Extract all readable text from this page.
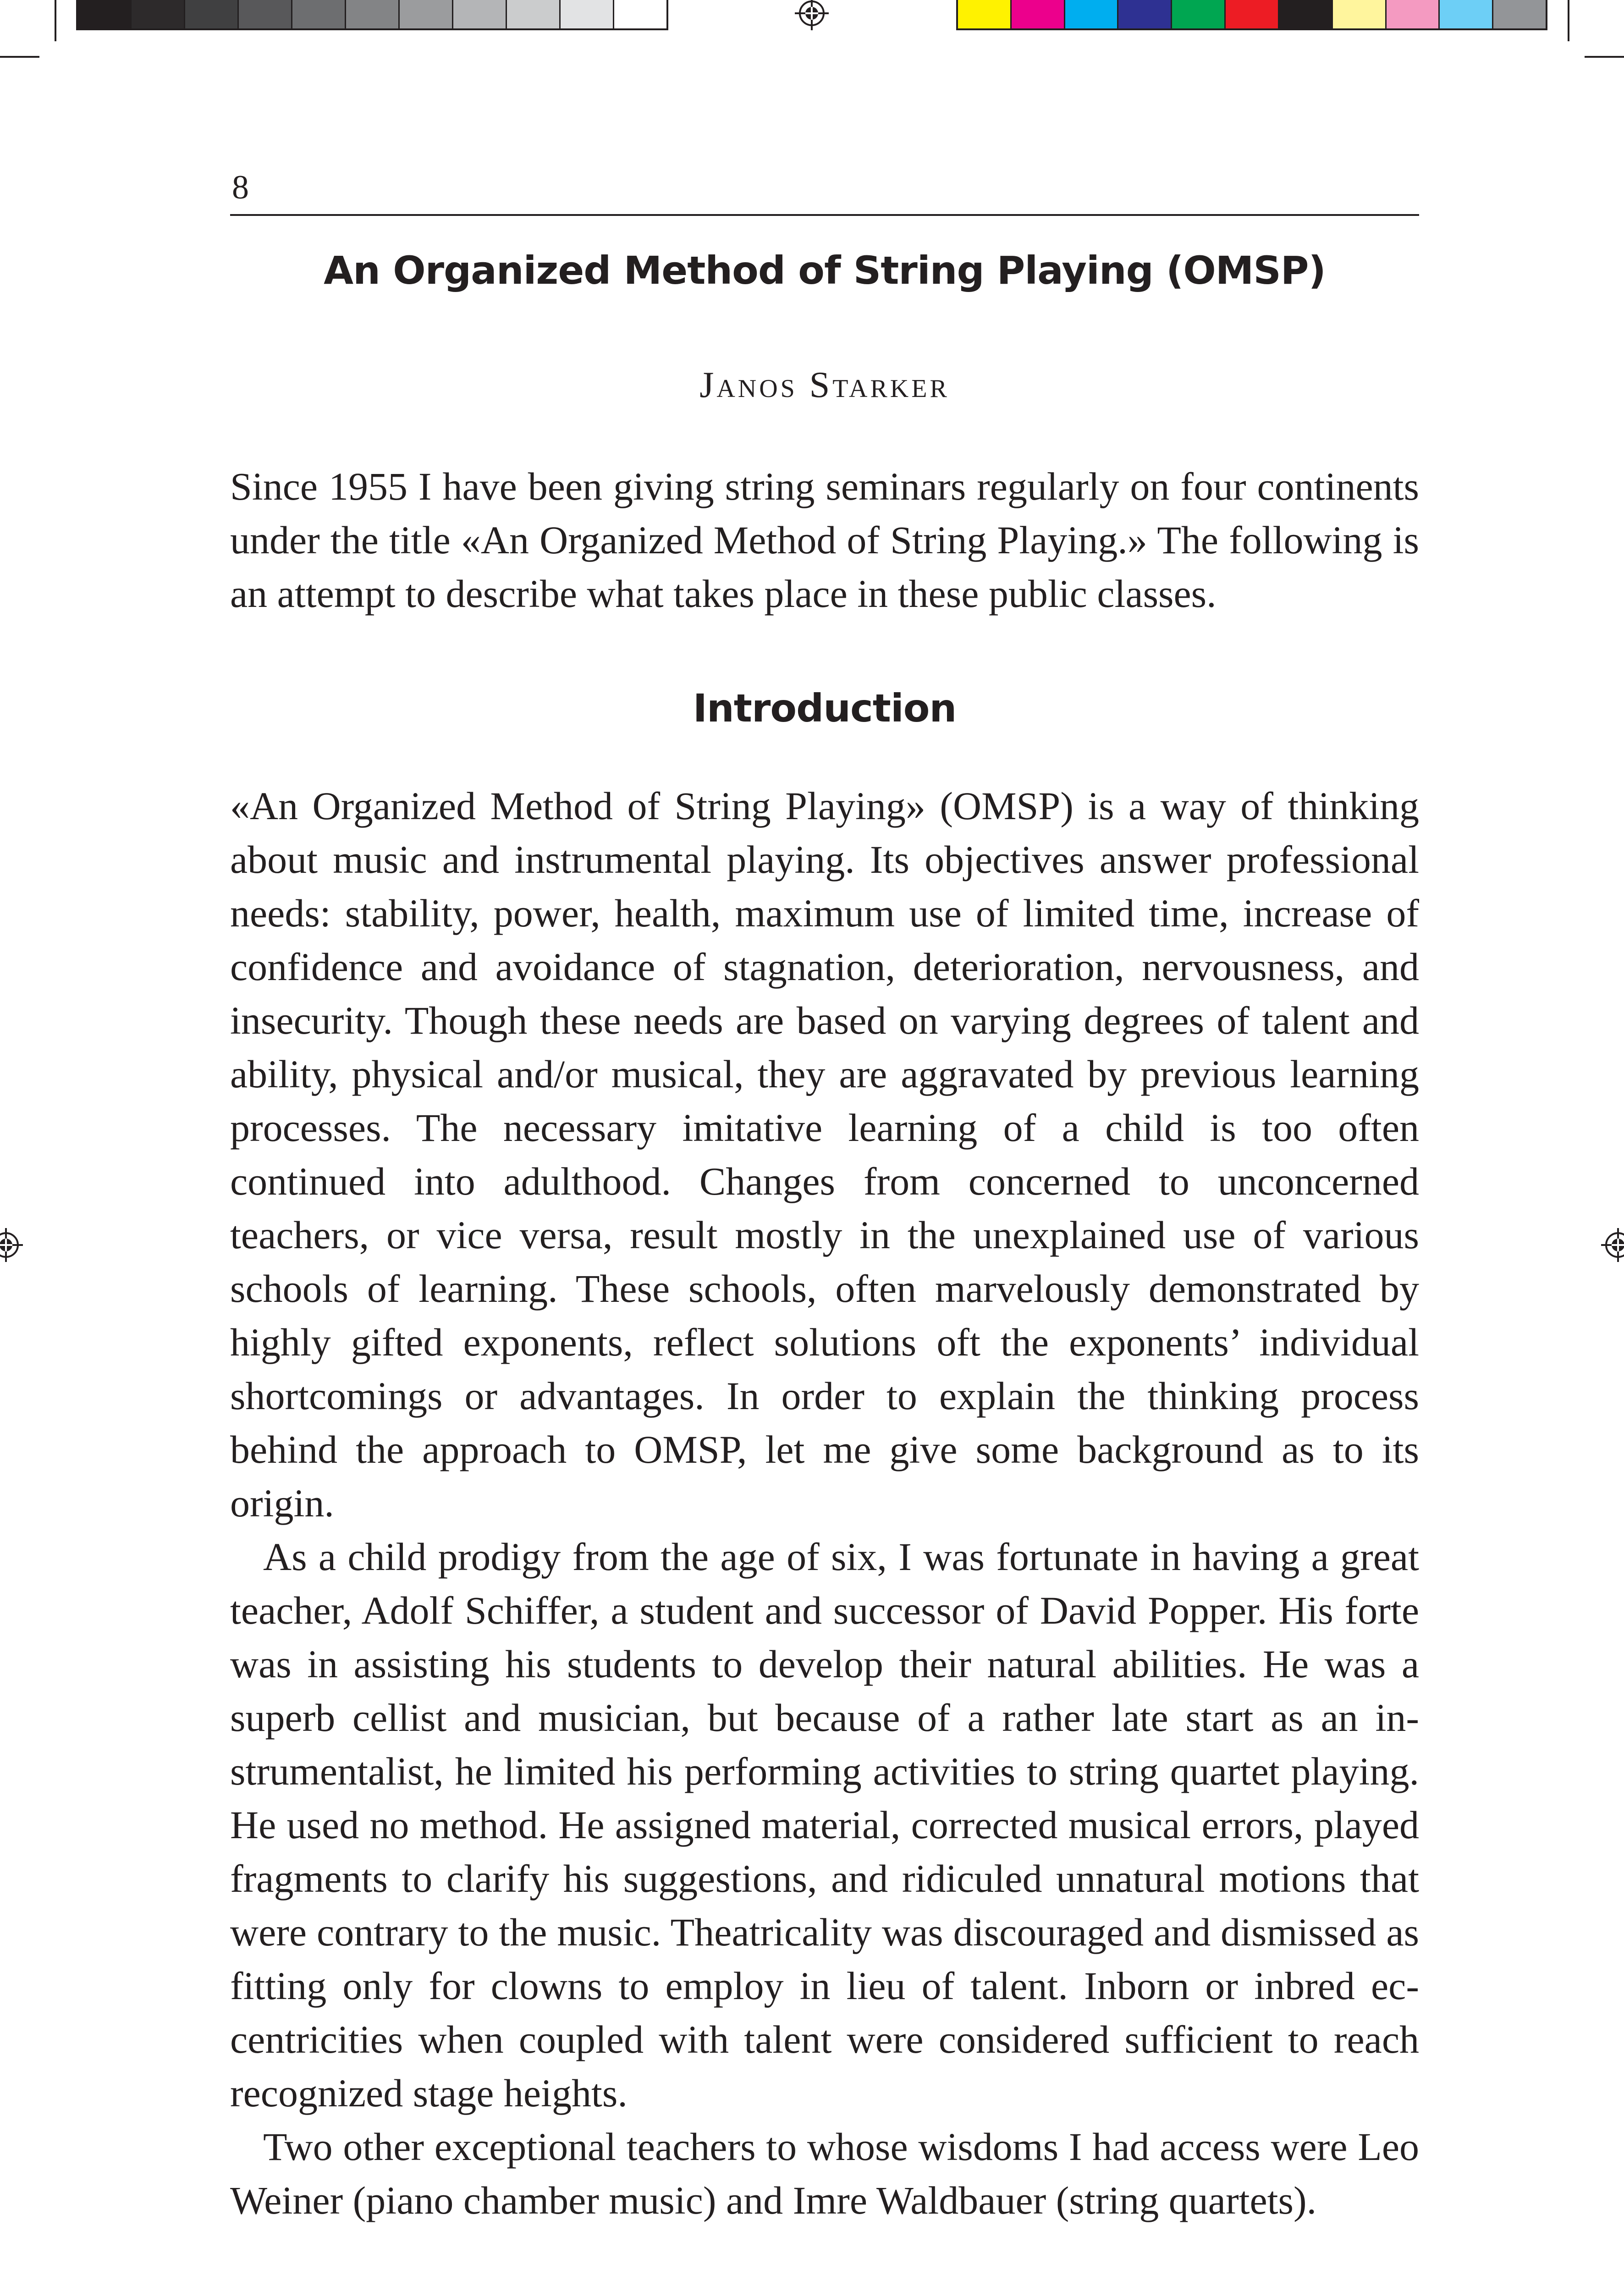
8
An Organized Method of String Playing (OMSP)
Janos Starker

Since 1955 I have been giving string seminars regularly on four continents under the title «An Organized Method of String Playing.» The following is an attempt to describe what takes place in these public classes.

Introduction

«An Organized Method of String Playing» (OMSP) is a way of thinking about music and instrumental playing. Its objectives answer professional needs: stability, power, health, maximum use of limited time, increase of confidence and avoidance of stagnation, deterioration, nervousness, and insecurity. Though these needs are based on varying degrees of talent and ability, physical and/or musical, they are aggravated by previous learning processes. The necessary imitative learning of a child is too often continued into adulthood. Changes from concerned to unconcerned teachers, or vice versa, result mostly in the unexplained use of various schools of learning. These schools, often marvelously demonstrated by highly gifted exponents, reflect solutions oft the exponents’ individual shortcomings or advantages. In order to explain the thinking process behind the approach to OMSP, let me give some background as to its origin.

As a child prodigy from the age of six, I was fortunate in having a great teacher, Adolf Schiffer, a student and successor of David Popper. His forte was in assisting his students to develop their natural abilities. He was a superb cellist and musician, but because of a rather late start as an instrumentalist, he limited his performing activities to string quartet playing. He used no method. He assigned material, corrected musical errors, played fragments to clarify his suggestions, and ridiculed unnatural motions that were contrary to the music. Theatricality was discouraged and dismissed as fitting only for clowns to employ in lieu of talent. Inborn or inbred eccentricities when coupled with talent were considered sufficient to reach recognized stage heights.

Two other exceptional teachers to whose wisdoms I had access were Leo Weiner (piano chamber music) and Imre Waldbauer (string quartets).
